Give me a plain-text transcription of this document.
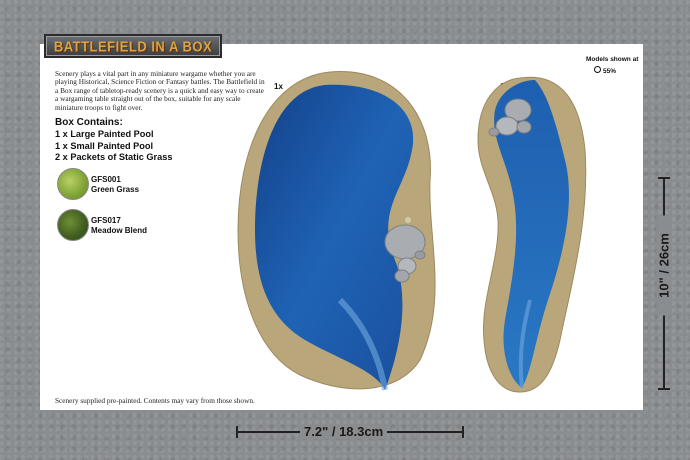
BATTLEFIELD IN A BOX
Scenery plays a vital part in any miniature wargame whether you are playing Historical, Science Fiction or Fantasy battles. The Battlefield in a Box range of tabletop-ready scenery is a quick and easy way to create a wargaming table straight out of the box, suitable for any scale miniature troops to fight over.
Box Contains:
1 x Large Painted Pool
1 x Small Painted Pool
2 x Packets of Static Grass
GFS001
Green Grass
GFS017
Meadow Blend
Scenery supplied pre-painted. Contents may vary from those shown.
1x
Models shown at
55%
7.2" / 18.3cm
10" / 26cm
